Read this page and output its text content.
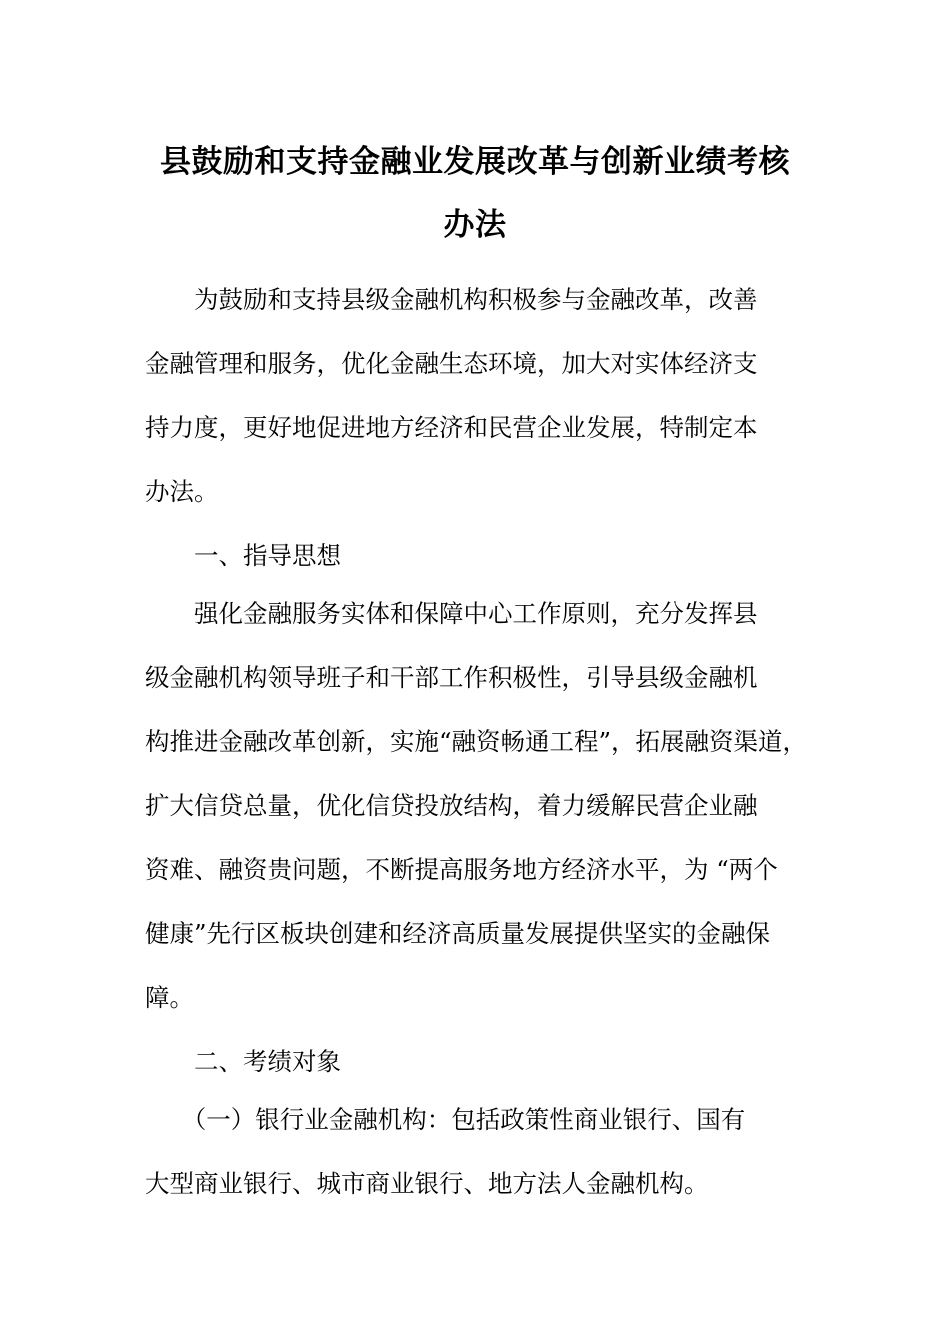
县鼓励和支持金融业发展改革与创新业绩考核
办法
　　为鼓励和支持县级金融机构积极参与金融改革，改善
金融管理和服务，优化金融生态环境，加大对实体经济支
持力度，更好地促进地方经济和民营企业发展，特制定本
办法。
　　一、指导思想
　　强化金融服务实体和保障中心工作原则，充分发挥县
级金融机构领导班子和干部工作积极性，引导县级金融机
构推进金融改革创新，实施“融资畅通工程”，拓展融资渠道，
扩大信贷总量，优化信贷投放结构，着力缓解民营企业融
资难、融资贵问题，不断提高服务地方经济水平，为 “两个
健康”先行区板块创建和经济高质量发展提供坚实的金融保
障。
　　二、考绩对象
　　（一）银行业金融机构：包括政策性商业银行、国有
大型商业银行、城市商业银行、地方法人金融机构。
